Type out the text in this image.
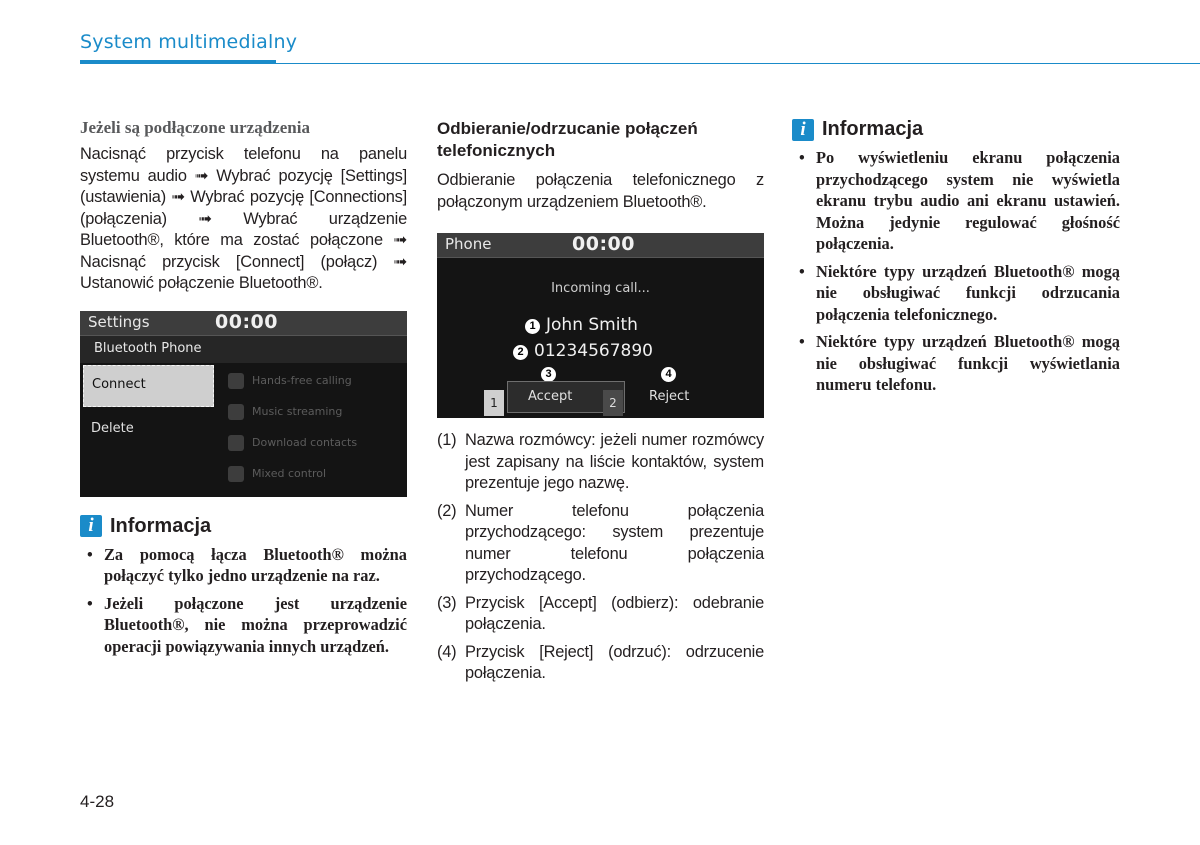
System multimedialny
Jeżeli są podłączone urządzenia

Nacisnąć przycisk telefonu na panelu systemu audio ➟ Wybrać pozycję [Settings] (ustawienia) ➟ Wybrać pozycję [Connections] (połączenia) ➟ Wybrać urządzenie Bluetooth®, które ma zostać połączone ➟ Nacisnąć przycisk [Connect] (połącz) ➟ Ustanowić połączenie Bluetooth®.

Settings	00:00
Bluetooth Phone
Connect
Delete
Hands-free calling
Music streaming
Download contacts
Mixed control
i Informacja
• Za pomocą łącza Bluetooth® można połączyć tylko jedno urządzenie na raz.
• Jeżeli połączone jest urządzenie Bluetooth®, nie można przeprowadzić operacji powiązywania innych urządzeń.
Odbieranie/odrzucanie połączeń telefonicznych

Odbieranie połączenia telefonicznego z połączonym urządzeniem Bluetooth®.

Phone	00:00
Incoming call...
1 John Smith
2 01234567890
3	4
1	Accept	2	Reject
(1) Nazwa rozmówcy: jeżeli numer rozmówcy jest zapisany na liście kontaktów, system prezentuje jego nazwę.
(2) Numer telefonu połączenia przychodzącego: system prezentuje numer telefonu połączenia przychodzącego.
(3) Przycisk [Accept] (odbierz): odebranie połączenia.
(4) Przycisk [Reject] (odrzuć): odrzucenie połączenia.
i Informacja
• Po wyświetleniu ekranu połączenia przychodzącego system nie wyświetla ekranu trybu audio ani ekranu ustawień. Można jedynie regulować głośność połączenia.
• Niektóre typy urządzeń Bluetooth® mogą nie obsługiwać funkcji odrzucania połączenia telefonicznego.
• Niektóre typy urządzeń Bluetooth® mogą nie obsługiwać funkcji wyświetlania numeru telefonu.
4-28
